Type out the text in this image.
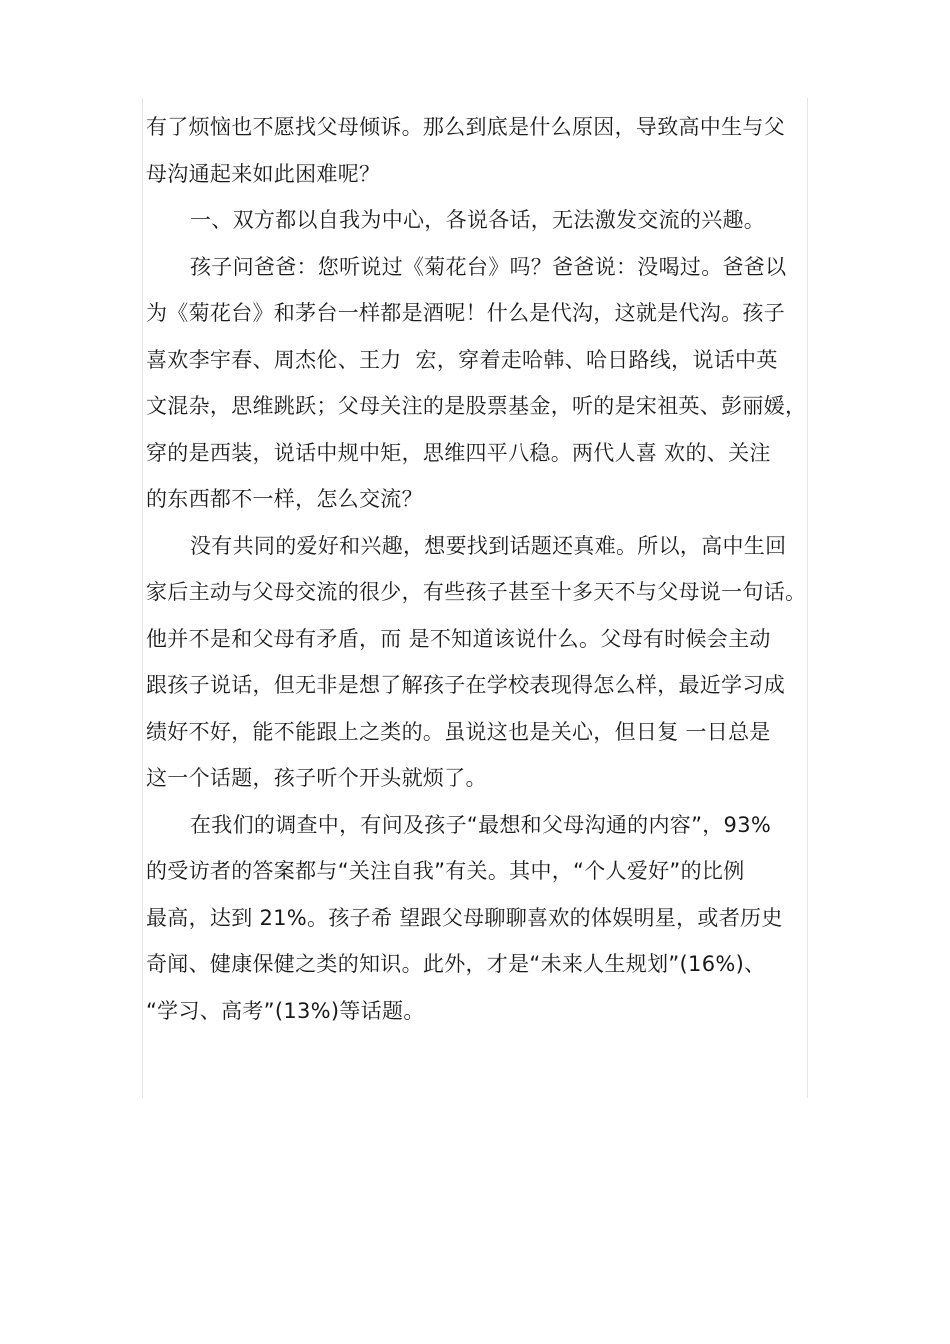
有了烦恼也不愿找父母倾诉。那么到底是什么原因，导致高中生与父
母沟通起来如此困难呢？
一、双方都以自我为中心，各说各话，无法激发交流的兴趣。
孩子问爸爸：您听说过《菊花台》吗？爸爸说：没喝过。爸爸以
为《菊花台》和茅台一样都是酒呢！什么是代沟，这就是代沟。孩子
喜欢李宇春、周杰伦、王力  宏，穿着走哈韩、哈日路线，说话中英
文混杂，思维跳跃；父母关注的是股票基金，听的是宋祖英、彭丽媛，
穿的是西装，说话中规中矩，思维四平八稳。两代人喜 欢的、关注
的东西都不一样，怎么交流？
没有共同的爱好和兴趣，想要找到话题还真难。所以，高中生回
家后主动与父母交流的很少，有些孩子甚至十多天不与父母说一句话。
他并不是和父母有矛盾，而 是不知道该说什么。父母有时候会主动
跟孩子说话，但无非是想了解孩子在学校表现得怎么样，最近学习成
绩好不好，能不能跟上之类的。虽说这也是关心，但日复 一日总是
这一个话题，孩子听个开头就烦了。
在我们的调查中，有问及孩子“最想和父母沟通的内容”，93%
的受访者的答案都与“关注自我”有关。其中，“个人爱好”的比例
最高，达到 21%。孩子希 望跟父母聊聊喜欢的体娱明星，或者历史
奇闻、健康保健之类的知识。此外，才是“未来人生规划”(16%)、
“学习、高考”(13%)等话题。
